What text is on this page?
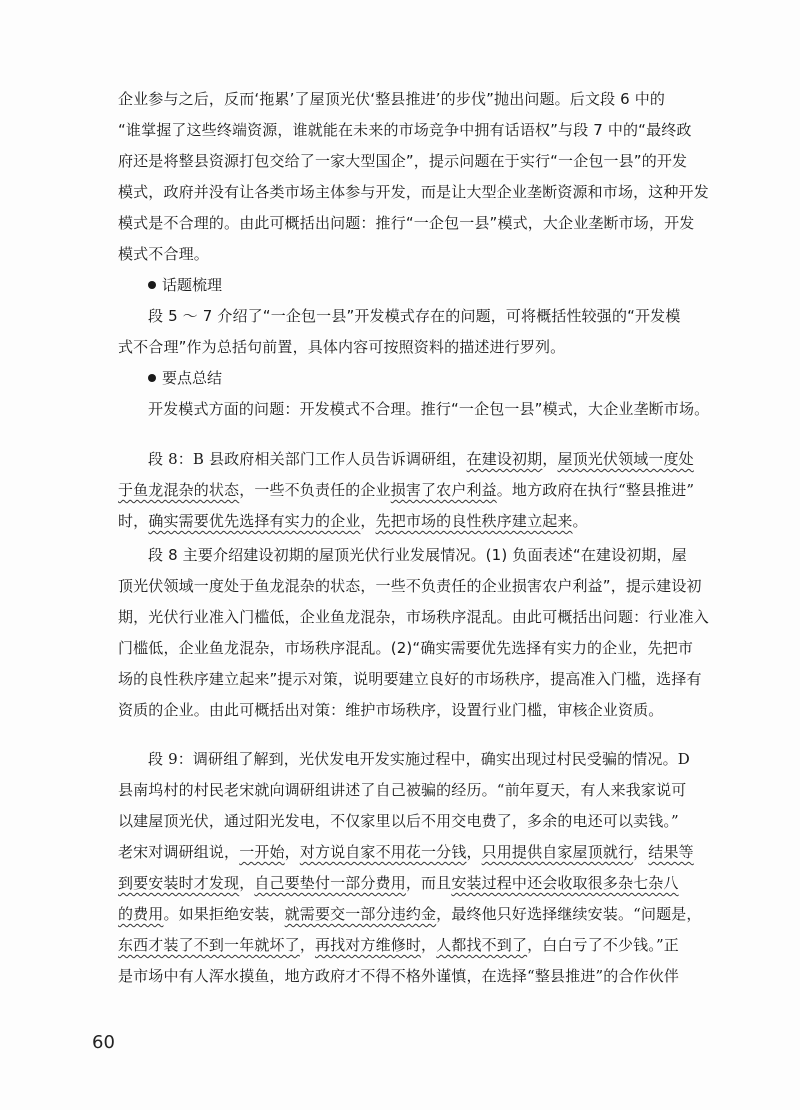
企业参与之后，反而‘拖累’了屋顶光伏‘整县推进’的步伐”抛出问题。后文段 6 中的
“谁掌握了这些终端资源，谁就能在未来的市场竞争中拥有话语权”与段 7 中的“最终政
府还是将整县资源打包交给了一家大型国企”，提示问题在于实行“一企包一县”的开发
模式，政府并没有让各类市场主体参与开发，而是让大型企业垄断资源和市场，这种开发
模式是不合理的。由此可概括出问题：推行“一企包一县”模式，大企业垄断市场，开发
模式不合理。
话题梳理
段 5 ～ 7 介绍了“一企包一县”开发模式存在的问题，可将概括性较强的“开发模
式不合理”作为总括句前置，具体内容可按照资料的描述进行罗列。
要点总结
开发模式方面的问题：开发模式不合理。推行“一企包一县”模式，大企业垄断市场。
段 8：B 县政府相关部门工作人员告诉调研组，在建设初期，屋顶光伏领域一度处
于鱼龙混杂的状态，一些不负责任的企业损害了农户利益。地方政府在执行“整县推进”
时，确实需要优先选择有实力的企业，先把市场的良性秩序建立起来。
段 8 主要介绍建设初期的屋顶光伏行业发展情况。(1) 负面表述“在建设初期，屋
顶光伏领域一度处于鱼龙混杂的状态，一些不负责任的企业损害农户利益”，提示建设初
期，光伏行业准入门槛低，企业鱼龙混杂，市场秩序混乱。由此可概括出问题：行业准入
门槛低，企业鱼龙混杂，市场秩序混乱。(2)“确实需要优先选择有实力的企业，先把市
场的良性秩序建立起来”提示对策，说明要建立良好的市场秩序，提高准入门槛，选择有
资质的企业。由此可概括出对策：维护市场秩序，设置行业门槛，审核企业资质。
段 9：调研组了解到，光伏发电开发实施过程中，确实出现过村民受骗的情况。D
县南坞村的村民老宋就向调研组讲述了自己被骗的经历。“前年夏天，有人来我家说可
以建屋顶光伏，通过阳光发电，不仅家里以后不用交电费了，多余的电还可以卖钱。”
老宋对调研组说，一开始，对方说自家不用花一分钱，只用提供自家屋顶就行，结果等
到要安装时才发现，自己要垫付一部分费用，而且安装过程中还会收取很多杂七杂八
的费用。如果拒绝安装，就需要交一部分违约金，最终他只好选择继续安装。“问题是，
东西才装了不到一年就坏了，再找对方维修时，人都找不到了，白白亏了不少钱。”正
是市场中有人浑水摸鱼，地方政府才不得不格外谨慎，在选择“整县推进”的合作伙伴
60
